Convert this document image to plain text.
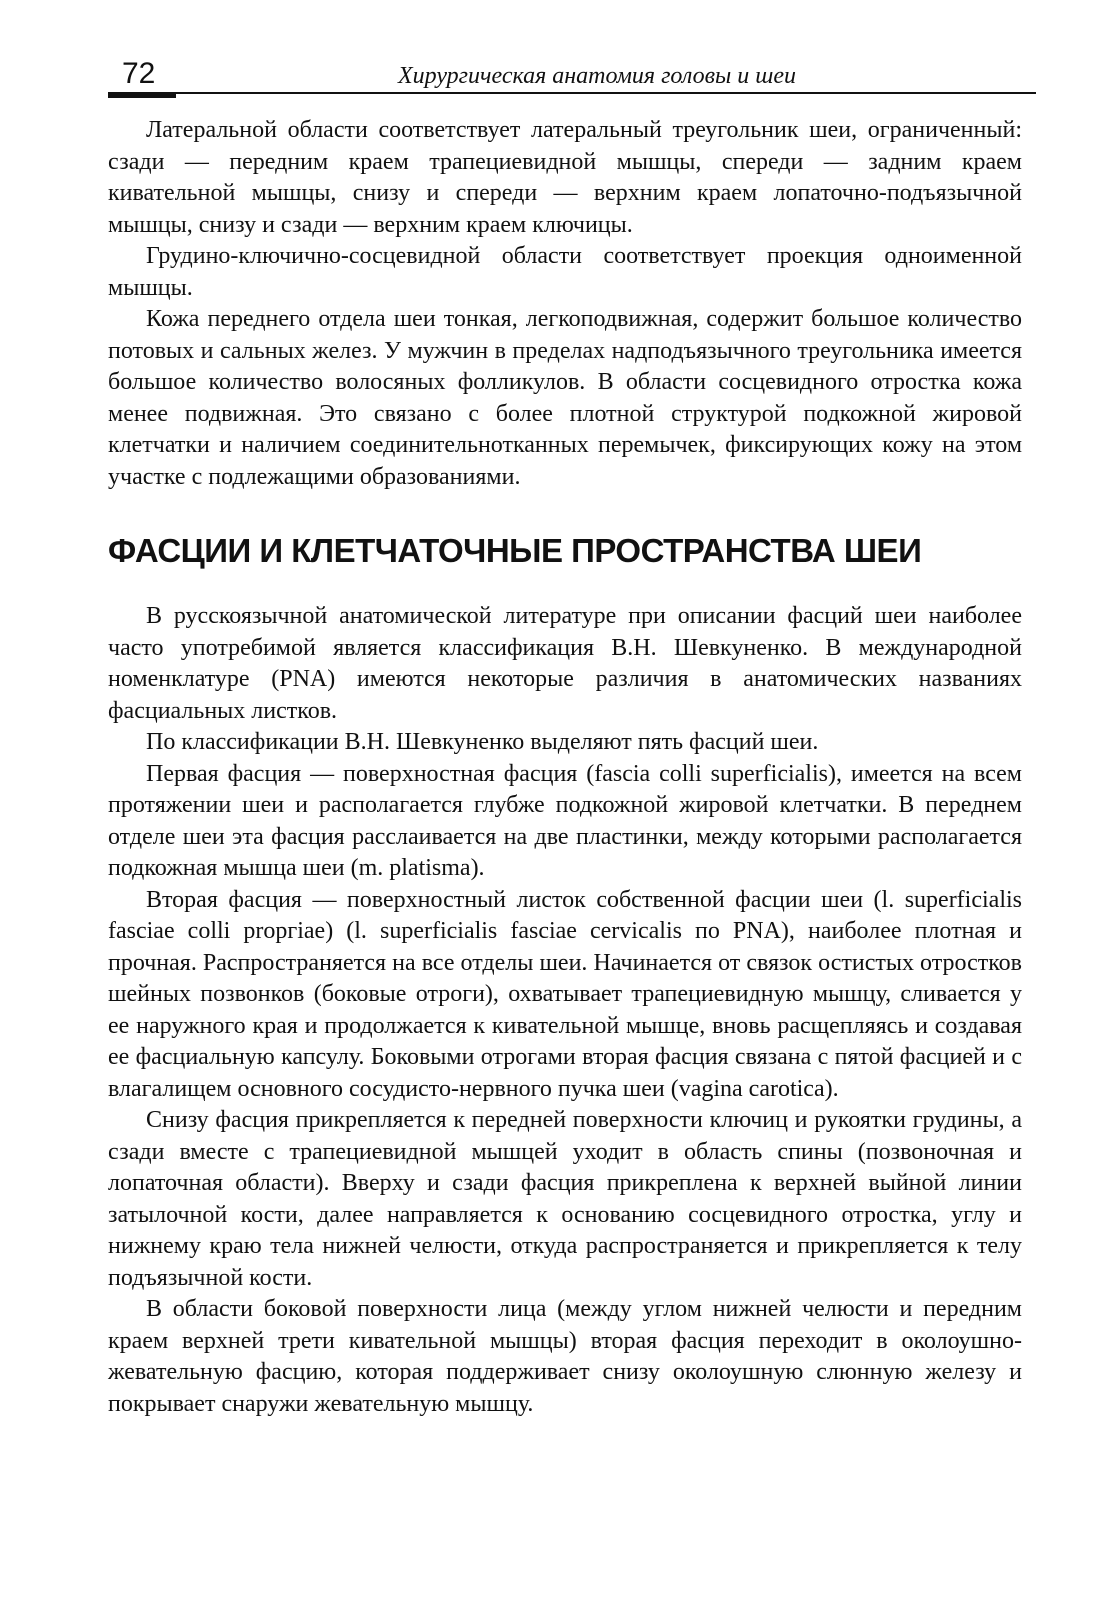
72	Хирургическая анатомия головы и шеи

Латеральной области соответствует латеральный треугольник шеи, ограниченный: сзади — передним краем трапециевидной мышцы, спереди — задним краем кивательной мышцы, снизу и спереди — верхним краем лопаточно-подъязычной мышцы, снизу и сзади — верхним краем ключицы.

Грудино-ключично-сосцевидной области соответствует проекция одноименной мышцы.

Кожа переднего отдела шеи тонкая, легкоподвижная, содержит большое количество потовых и сальных желез. У мужчин в пределах надподъязычного треугольника имеется большое количество волосяных фолликулов. В области сосцевидного отростка кожа менее подвижная. Это связано с более плотной структурой подкожной жировой клетчатки и наличием соединительнотканных перемычек, фиксирующих кожу на этом участке с подлежащими образованиями.

ФАСЦИИ И КЛЕТЧАТОЧНЫЕ ПРОСТРАНСТВА ШЕИ

В русскоязычной анатомической литературе при описании фасций шеи наиболее часто употребимой является классификация В.Н. Шевкуненко. В международной номенклатуре (PNA) имеются некоторые различия в анатомических названиях фасциальных листков.

По классификации В.Н. Шевкуненко выделяют пять фасций шеи.

Первая фасция — поверхностная фасция (fascia colli superficialis), имеется на всем протяжении шеи и располагается глубже подкожной жировой клетчатки. В переднем отделе шеи эта фасция расслаивается на две пластинки, между которыми располагается подкожная мышца шеи (m. platisma).

Вторая фасция — поверхностный листок собственной фасции шеи (l. superficialis fasciae colli prоргiae) (l. superficialis fasciae cervicalis по PNA), наиболее плотная и прочная. Распространяется на все отделы шеи. Начинается от связок остистых отростков шейных позвонков (боковые отроги), охватывает трапециевидную мышцу, сливается у ее наружного края и продолжается к кивательной мышце, вновь расщепляясь и создавая ее фасциальную капсулу. Боковыми отрогами вторая фасция связана с пятой фасцией и с влагалищем основного сосудисто-нервного пучка шеи (vagina carotica).

Снизу фасция прикрепляется к передней поверхности ключиц и рукоятки грудины, а сзади вместе с трапециевидной мышцей уходит в область спины (позвоночная и лопаточная области). Вверху и сзади фасция прикреплена к верхней выйной линии затылочной кости, далее направляется к основанию сосцевидного отростка, углу и нижнему краю тела нижней челюсти, откуда распространяется и прикрепляется к телу подъязычной кости.

В области боковой поверхности лица (между углом нижней челюсти и передним краем верхней трети кивательной мышцы) вторая фасция переходит в околоушно-жевательную фасцию, которая поддерживает снизу околоушную слюнную железу и покрывает снаружи жевательную мышцу.
